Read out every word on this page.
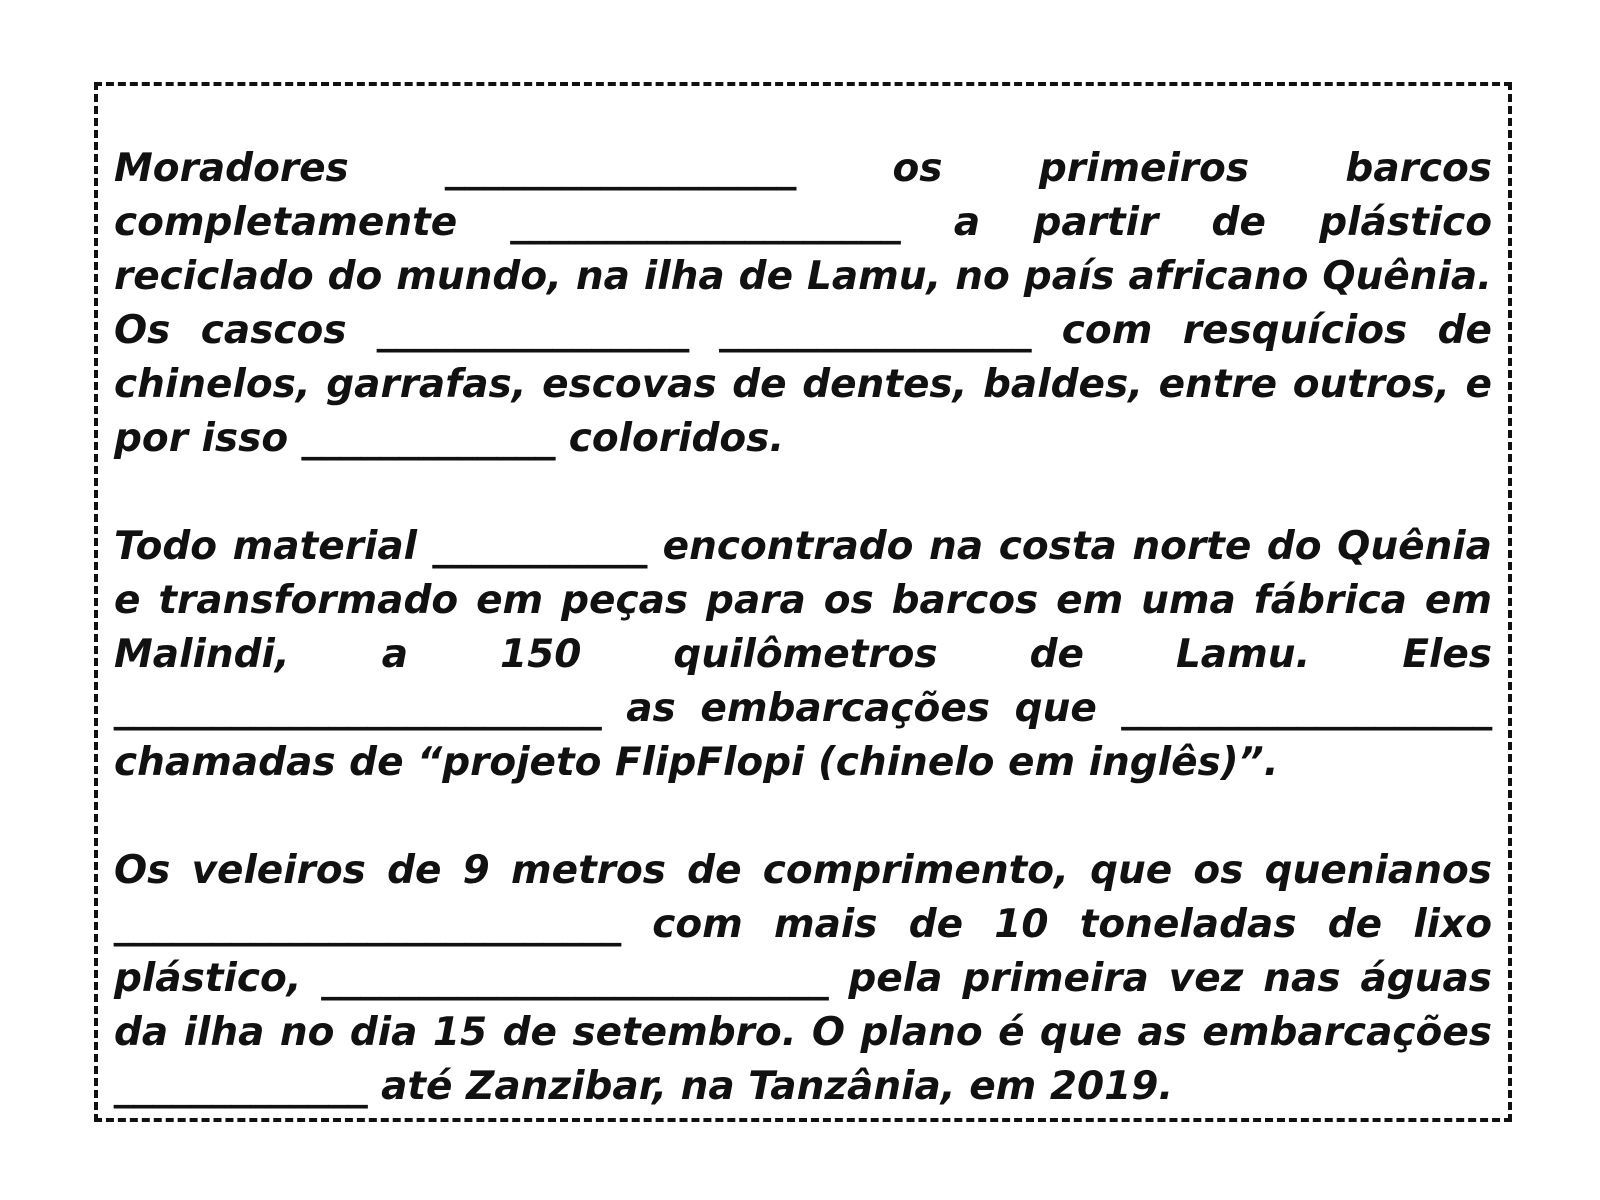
Moradores __________________ os primeiros barcos completamente ____________________ a partir de plástico reciclado do mundo, na ilha de Lamu, no país africano Quênia. Os cascos ________________ ________________ com resquícios de chinelos, garrafas, escovas de dentes, baldes, entre outros, e por isso _____________ coloridos.

Todo material ___________ encontrado na costa norte do Quênia e transformado em peças para os barcos em uma fábrica em Malindi, a 150 quilômetros de Lamu. Eles _________________________ as embarcações que ___________________ chamadas de “projeto FlipFlopi (chinelo em inglês)”.

Os veleiros de 9 metros de comprimento, que os quenianos __________________________ com mais de 10 toneladas de lixo plástico, __________________________ pela primeira vez nas águas da ilha no dia 15 de setembro. O plano é que as embarcações _____________ até Zanzibar, na Tanzânia, em 2019.
